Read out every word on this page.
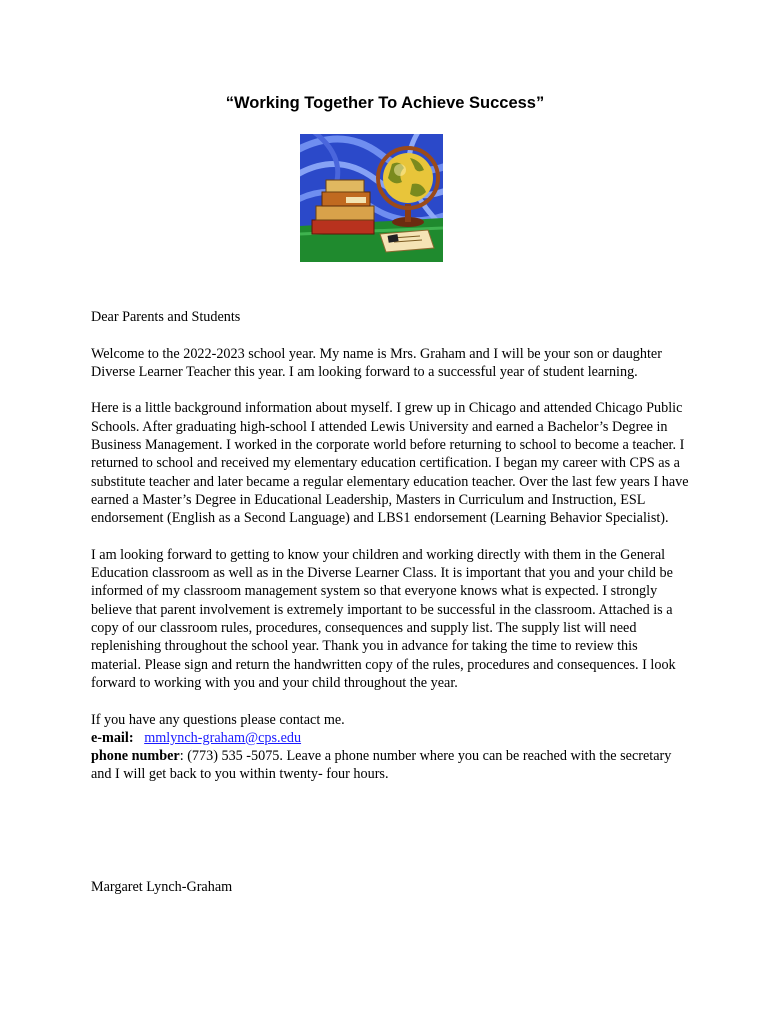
“Working Together To Achieve Success”

Dear Parents and Students

Welcome to the 2022-2023 school year. My name is Mrs. Graham and I will be your son or daughter Diverse Learner Teacher this year. I am looking forward to a successful year of student learning.

Here is a little background information about myself. I grew up in Chicago and attended Chicago Public Schools. After graduating high-school I attended Lewis University and earned a Bachelor’s Degree in Business Management. I worked in the corporate world before returning to school to become a teacher. I returned to school and received my elementary education certification. I began my career with CPS as a substitute teacher and later became a regular elementary education teacher. Over the last few years I have earned a Master’s Degree in Educational Leadership, Masters in Curriculum and Instruction, ESL endorsement (English as a Second Language) and LBS1 endorsement (Learning Behavior Specialist).

I am looking forward to getting to know your children and working directly with them in the General Education classroom as well as in the Diverse Learner Class. It is important that you and your child be informed of my classroom management system so that everyone knows what is expected. I strongly believe that parent involvement is extremely important to be successful in the classroom. Attached is a copy of our classroom rules, procedures, consequences and supply list. The supply list will need replenishing throughout the school year. Thank you in advance for taking the time to review this material. Please sign and return the handwritten copy of the rules, procedures and consequences. I look forward to working with you and your child throughout the year.

If you have any questions please contact me.
e-mail: mmlynch-graham@cps.edu
phone number: (773) 535 -5075. Leave a phone number where you can be reached with the secretary and I will get back to you within twenty- four hours.

Margaret Lynch-Graham
